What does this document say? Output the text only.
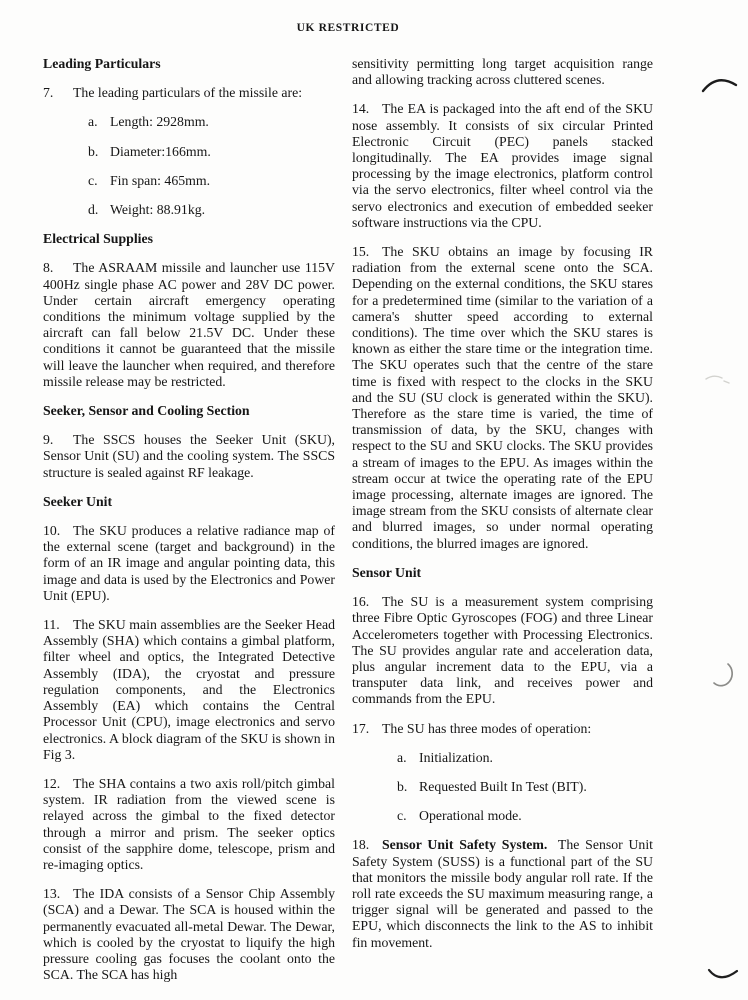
UK RESTRICTED
Leading Particulars

7. The leading particulars of the missile are:

a. Length: 2928mm.
b. Diameter:166mm.
c. Fin span: 465mm.
d. Weight: 88.91kg.
Electrical Supplies

8. The ASRAAM missile and launcher use 115V 400Hz single phase AC power and 28V DC power. Under certain aircraft emergency operating conditions the minimum voltage supplied by the aircraft can fall below 21.5V DC. Under these conditions it cannot be guaranteed that the missile will leave the launcher when required, and therefore missile release may be restricted.

Seeker, Sensor and Cooling Section

9. The SSCS houses the Seeker Unit (SKU), Sensor Unit (SU) and the cooling system. The SSCS structure is sealed against RF leakage.

Seeker Unit

10. The SKU produces a relative radiance map of the external scene (target and background) in the form of an IR image and angular pointing data, this image and data is used by the Electronics and Power Unit (EPU).

11. The SKU main assemblies are the Seeker Head Assembly (SHA) which contains a gimbal platform, filter wheel and optics, the Integrated Detective Assembly (IDA), the cryostat and pressure regulation components, and the Electronics Assembly (EA) which contains the Central Processor Unit (CPU), image electronics and servo electronics. A block diagram of the SKU is shown in Fig 3.

12. The SHA contains a two axis roll/pitch gimbal system. IR radiation from the viewed scene is relayed across the gimbal to the fixed detector through a mirror and prism. The seeker optics consist of the sapphire dome, telescope, prism and re-imaging optics.

13. The IDA consists of a Sensor Chip Assembly (SCA) and a Dewar. The SCA is housed within the permanently evacuated all-metal Dewar. The Dewar, which is cooled by the cryostat to liquify the high pressure cooling gas focuses the coolant onto the SCA. The SCA has high

sensitivity permitting long target acquisition range and allowing tracking across cluttered scenes.

14. The EA is packaged into the aft end of the SKU nose assembly. It consists of six circular Printed Electronic Circuit (PEC) panels stacked longitudinally. The EA provides image signal processing by the image electronics, platform control via the servo electronics, filter wheel control via the servo electronics and execution of embedded seeker software instructions via the CPU.

15. The SKU obtains an image by focusing IR radiation from the external scene onto the SCA. Depending on the external conditions, the SKU stares for a predetermined time (similar to the variation of a camera's shutter speed according to external conditions). The time over which the SKU stares is known as either the stare time or the integration time. The SKU operates such that the centre of the stare time is fixed with respect to the clocks in the SKU and the SU (SU clock is generated within the SKU). Therefore as the stare time is varied, the time of transmission of data, by the SKU, changes with respect to the SU and SKU clocks. The SKU provides a stream of images to the EPU. As images within the stream occur at twice the operating rate of the EPU image processing, alternate images are ignored. The image stream from the SKU consists of alternate clear and blurred images, so under normal operating conditions, the blurred images are ignored.

Sensor Unit

16. The SU is a measurement system comprising three Fibre Optic Gyroscopes (FOG) and three Linear Accelerometers together with Processing Electronics. The SU provides angular rate and acceleration data, plus angular increment data to the EPU, via a transputer data link, and receives power and commands from the EPU.

17. The SU has three modes of operation:

a. Initialization.
b. Requested Built In Test (BIT).
c. Operational mode.

18. Sensor Unit Safety System. The Sensor Unit Safety System (SUSS) is a functional part of the SU that monitors the missile body angular roll rate. If the roll rate exceeds the SU maximum measuring range, a trigger signal will be generated and passed to the EPU, which disconnects the link to the AS to inhibit fin movement.
